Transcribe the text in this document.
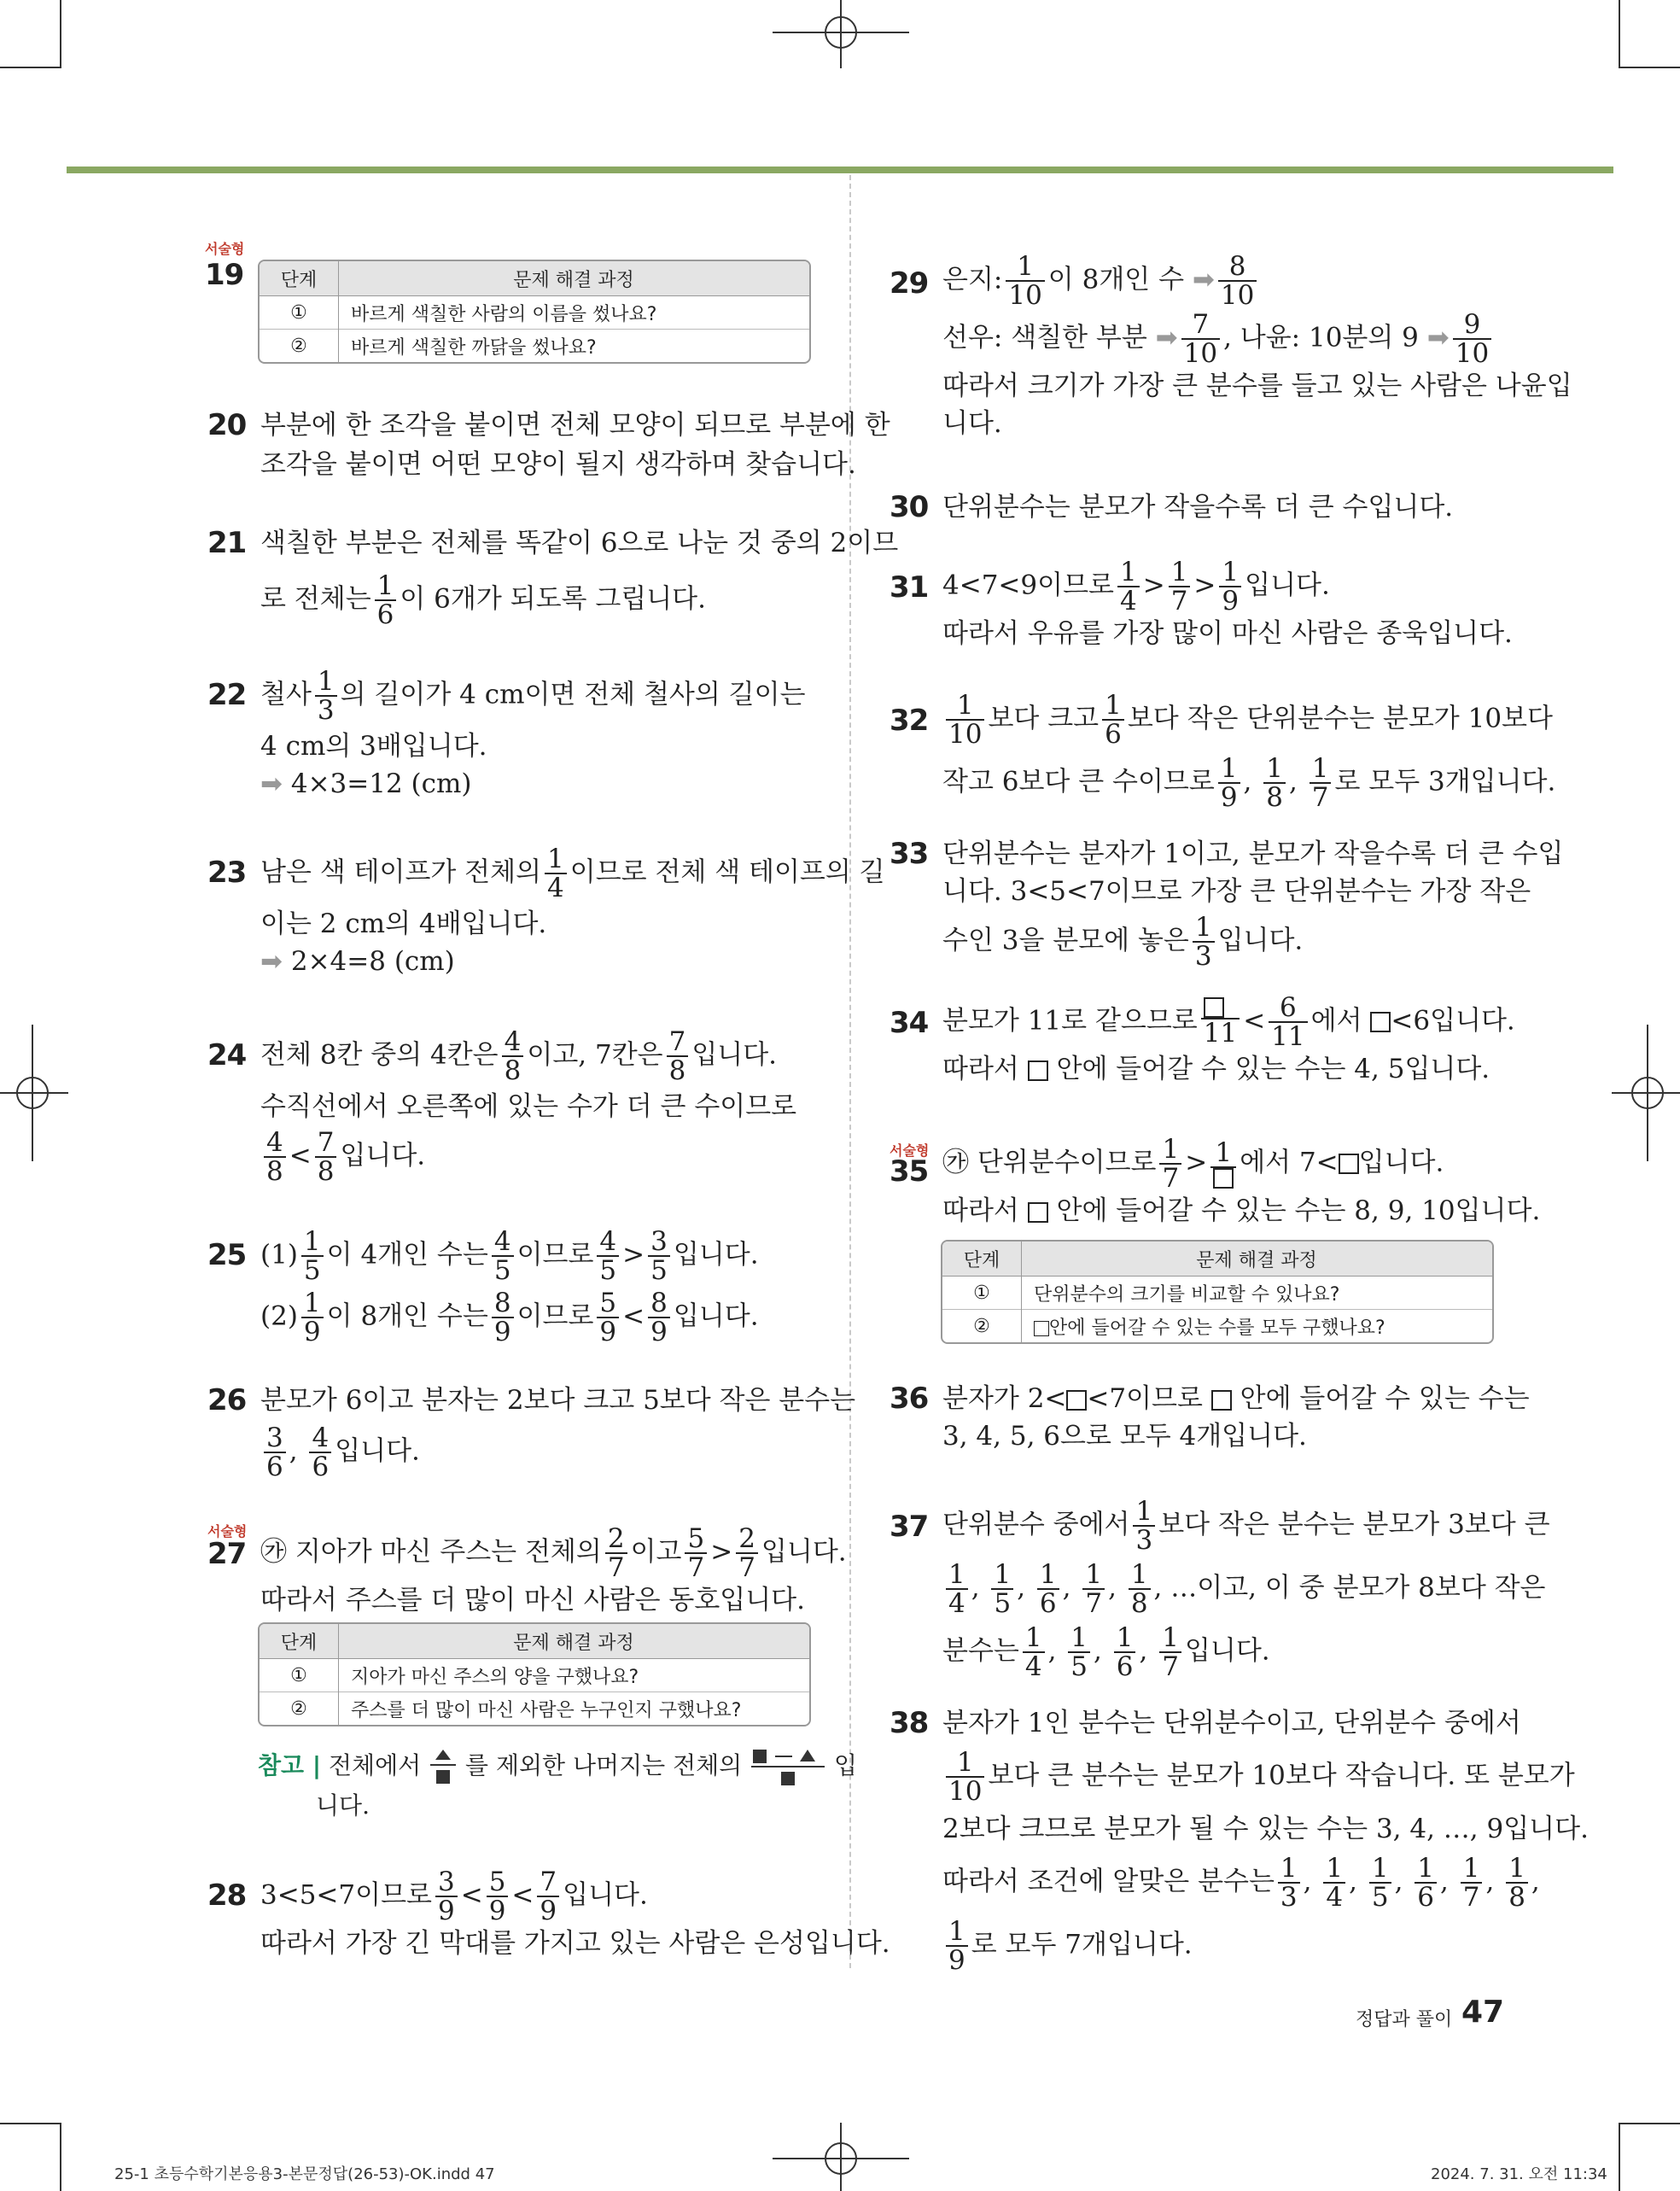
서술형
19 단계	문제 해결 과정
①	바르게 색칠한 사람의 이름을 썼나요?
②	바르게 색칠한 까닭을 썼나요?
20 부분에 한 조각을 붙이면 전체 모양이 되므로 부분에 한
조각을 붙이면 어떤 모양이 될지 생각하며 찾습니다.
21 색칠한 부분은 전체를 똑같이 6으로 나눈 것 중의 2이므
로 전체는 $\frac{1}{6}$ 이 6개가 되도록 그립니다.
22 철사 $\frac{1}{3}$ 의 길이가 4 cm이면 전체 철사의 길이는
4 cm의 3배입니다.
➡ 4×3=12 (cm)
23 남은 색 테이프가 전체의 $\frac{1}{4}$ 이므로 전체 색 테이프의 길
이는 2 cm의 4배입니다.
➡ 2×4=8 (cm)
24 전체 8칸 중의 4칸은 $\frac{4}{8}$ 이고, 7칸은 $\frac{7}{8}$ 입니다.
수직선에서 오른쪽에 있는 수가 더 큰 수이므로
$\frac{4}{8} < \frac{7}{8}$ 입니다.
25 $(1) \frac{1}{5}$ 이 4개인 수는 $\frac{4}{5}$ 이므로 $\frac{4}{5} > \frac{3}{5}$ 입니다.
$(2) \frac{1}{9}$ 이 8개인 수는 $\frac{8}{9}$ 이므로 $\frac{5}{9} < \frac{8}{9}$ 입니다.
26 분모가 6이고 분자는 2보다 크고 5보다 작은 분수는
$\frac{3}{6}$ , $\frac{4}{6}$ 입니다.
서술형
27 ㉮ 지아가 마신 주스는 전체의 $\frac{2}{7}$ 이고 $\frac{5}{7} > \frac{2}{7}$ 입니다.
따라서 주스를 더 많이 마신 사람은 동호입니다.
단계	문제 해결 과정
①	지아가 마신 주스의 양을 구했나요?
②	주스를 더 많이 마신 사람은 누구인지 구했나요?
참고 | 전체에서 를 제외한 나머지는 전체의	입
니다.
28 3<5<7이므로 $\frac{3}{9} < \frac{5}{9} < \frac{7}{9}$ 입니다.
따라서 가장 긴 막대를 가지고 있는 사람은 은성입니다.
29 은지: $\frac{1}{10}$ 이 8개인 수 ➡ $\frac{8}{10}$
선우: 색칠한 부분 ➡ $\frac{7}{10}$ , 나윤: 10분의 9 ➡ $\frac{9}{10}$
따라서 크기가 가장 큰 분수를 들고 있는 사람은 나윤입
니다.
30 단위분수는 분모가 작을수록 더 큰 수입니다.
31 4<7<9이므로 $\frac{1}{4} > \frac{1}{7} > \frac{1}{9}$ 입니다.
따라서 우유를 가장 많이 마신 사람은 종욱입니다.
$32 \frac{1}{10}$ 보다 크고 $\frac{1}{6}$ 보다 작은 단위분수는 분모가 10보다
작고 6보다 큰 수이므로 $\frac{1}{9}$ , $\frac{1}{8}$ , $\frac{1}{7}$ 로 모두 3개입니다.
33 단위분수는 분자가 1이고, 분모가 작을수록 더 큰 수입
니다. 3<5<7이므로 가장 큰 단위분수는 가장 작은
수인 3을 분모에 놓은 $\frac{1}{3}$ 입니다.
34 분모가 11로 같으므로 $11 < \frac{6}{11}$ 에서 <6입니다.
따라서 안에 들어갈 수 있는 수는 4, 5입니다.
서술형
35 ㉮ 단위분수이므로 $\frac{1}{7} > 1$ 에서 7< 입니다.
따라서 안에 들어갈 수 있는 수는 8, 9, 10입니다.
단계	문제 해결 과정
①	단위분수의 크기를 비교할 수 있나요?
②	안에 들어갈 수 있는 수를 모두 구했나요?
36 분자가 2< <7이므로 안에 들어갈 수 있는 수는
3, 4, 5, 6으로 모두 4개입니다.
37 단위분수 중에서 $\frac{1}{3}$ 보다 작은 분수는 분모가 3보다 큰
$\frac{1}{4}$ , $\frac{1}{5}$ , $\frac{1}{6}$ , $\frac{1}{7}$ , $\frac{1}{8}$ , …이고, 이 중 분모가 8보다 작은
분수는 $\frac{1}{4}$ , $\frac{1}{5}$ , $\frac{1}{6}$ , $\frac{1}{7}$ 입니다.
38 분자가 1인 분수는 단위분수이고, 단위분수 중에서
$\frac{1}{10}$ 보다 큰 분수는 분모가 10보다 작습니다. 또 분모가
2보다 크므로 분모가 될 수 있는 수는 3, 4, …, 9입니다.
따라서 조건에 알맞은 분수는 $\frac{1}{3}$ , $\frac{1}{4}$ , $\frac{1}{5}$ , $\frac{1}{6}$ , $\frac{1}{7}$ , $\frac{1}{8}$ ,
$\frac{1}{9}$ 로 모두 7개입니다.
정답과 풀이 47
25-1 초등수학기본응용3-본문정답(26-53)-OK.indd 47	2024. 7. 31. 오전 11:34
